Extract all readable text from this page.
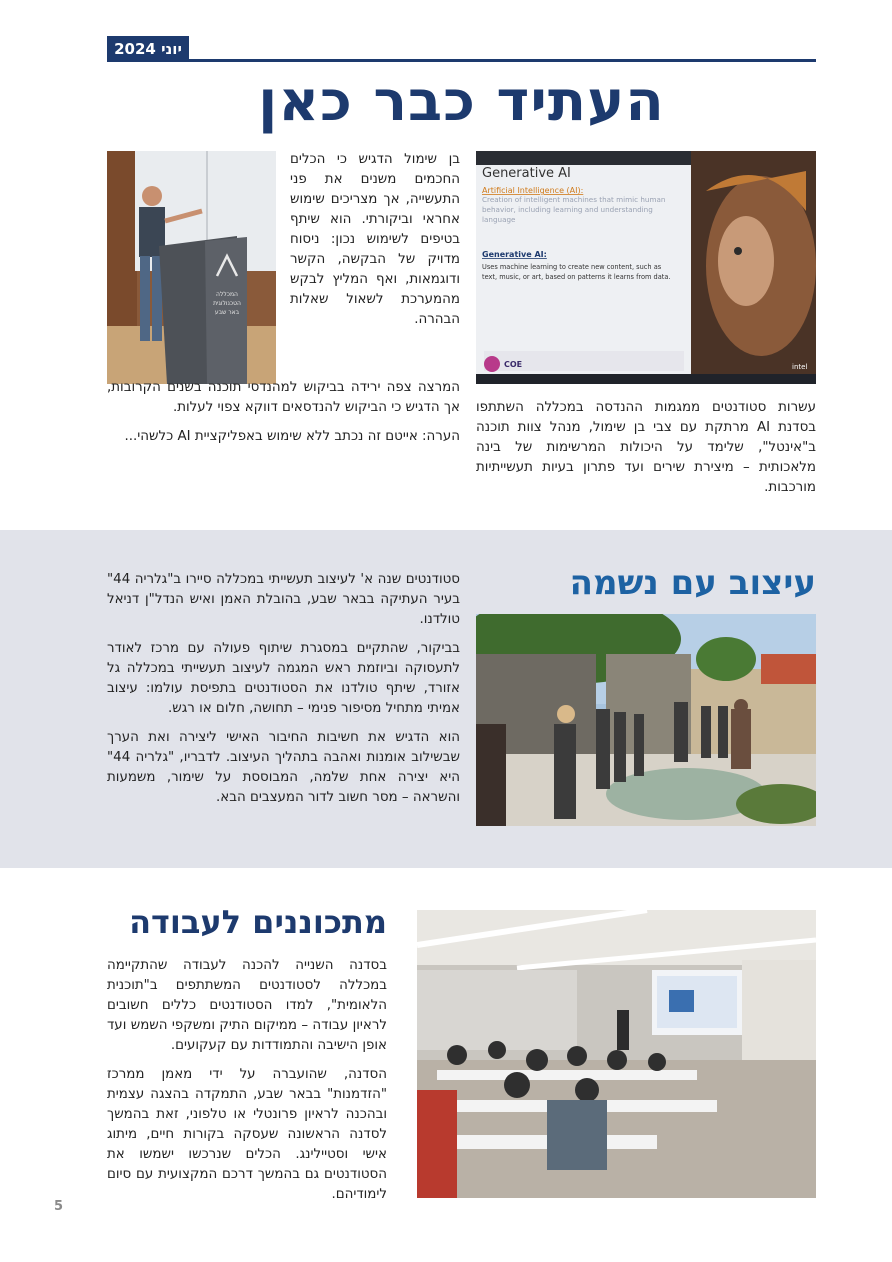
יוני 2024
העתיד כבר כאן
Generative AI
Artificial Intelligence (AI):
Creation of intelligent machines that mimic human behavior, including learning and understanding language
Generative AI:
Uses machine learning to create new content, such as
text, music, or art, based on patterns it learns from data.
COE	intel
המכללה
הטכנולוגית
באר שבע

עשרות סטודנטים ממגמות ההנדסה במכללה השתתפו בסדנת AI מרתקת עם צבי בן שימול, מנהל צוות תוכנה ב"אינטל", שלימד על היכולות המרשימות של בינה מלאכותית – מיצירת שירים ועד פתרון בעיות תעשייתיות מורכבות.

בן שימול הדגיש כי הכלים החכמים משנים את פני התעשייה, אך מצריכים שימוש אחראי וביקורתי. הוא שיתף בטיפים לשימוש נכון: ניסוח מדויק של הבקשה, הקשר ודוגמאות, ואף המליץ לבקש מהמערכת לשאול שאלות הבהרה.

המרצה צפה ירידה בביקוש למהנדסי תוכנה בשנים הקרובות, אך הדגיש כי הביקוש להנדסאים דווקא צפוי לעלות.

הערה: אייטם זה נכתב ללא שימוש באפליקציית AI כלשהי...

עיצוב עם נשמה

סטודנטים שנה א' לעיצוב תעשייתי במכללה סיירו ב"גלריה 44" בעיר העתיקה בבאר שבע, בהובלת האמן ואיש הנדל"ן דניאל טולדנו.

בביקור, שהתקיים במסגרת שיתוף פעולה עם מרכז לאודר לתעסוקה וביוזמת ראש המגמה לעיצוב תעשייתי במכללה גל אזורד, שיתף טולדנו את הסטודנטים בתפיסת עולמו: עיצוב אמיתי מתחיל מסיפור פנימי – תחושה, חלום או רגש.

הוא הדגיש את חשיבות החיבור האישי ליצירה ואת הערך שבשילוב אומנות ואהבה בתהליך העיצוב. לדבריו, "גלריה 44" היא יצירה אחת שלמה, המבוססת על שימור, משמעות והשראה – מסר חשוב לדור המעצבים הבא.

מתכוננים לעבודה

בסדנה השנייה להכנה לעבודה שהתקיימה במכללה לסטודנטים המשתתפים ב"תוכנית הלאומית", למדו הסטודנטים כללים חשובים לראיון עבודה – ממיקום התיק ומשקפי השמש ועד אופן הישיבה והתמודדות עם קעקועים.

הסדנה, שהועברה על ידי מאמן ממרכז "הזדמנות" בבאר שבע, התמקדה בהצגה עצמית ובהכנה לראיון פרונטלי או טלפוני, זאת בהמשך לסדנה הראשונה שעסקה בקורות חיים, מיתוג אישי וסטיילינג. הכלים שנרכשו ישמשו את הסטודנטים גם בהמשך דרכם המקצועית עם סיום לימודיהם.

5
